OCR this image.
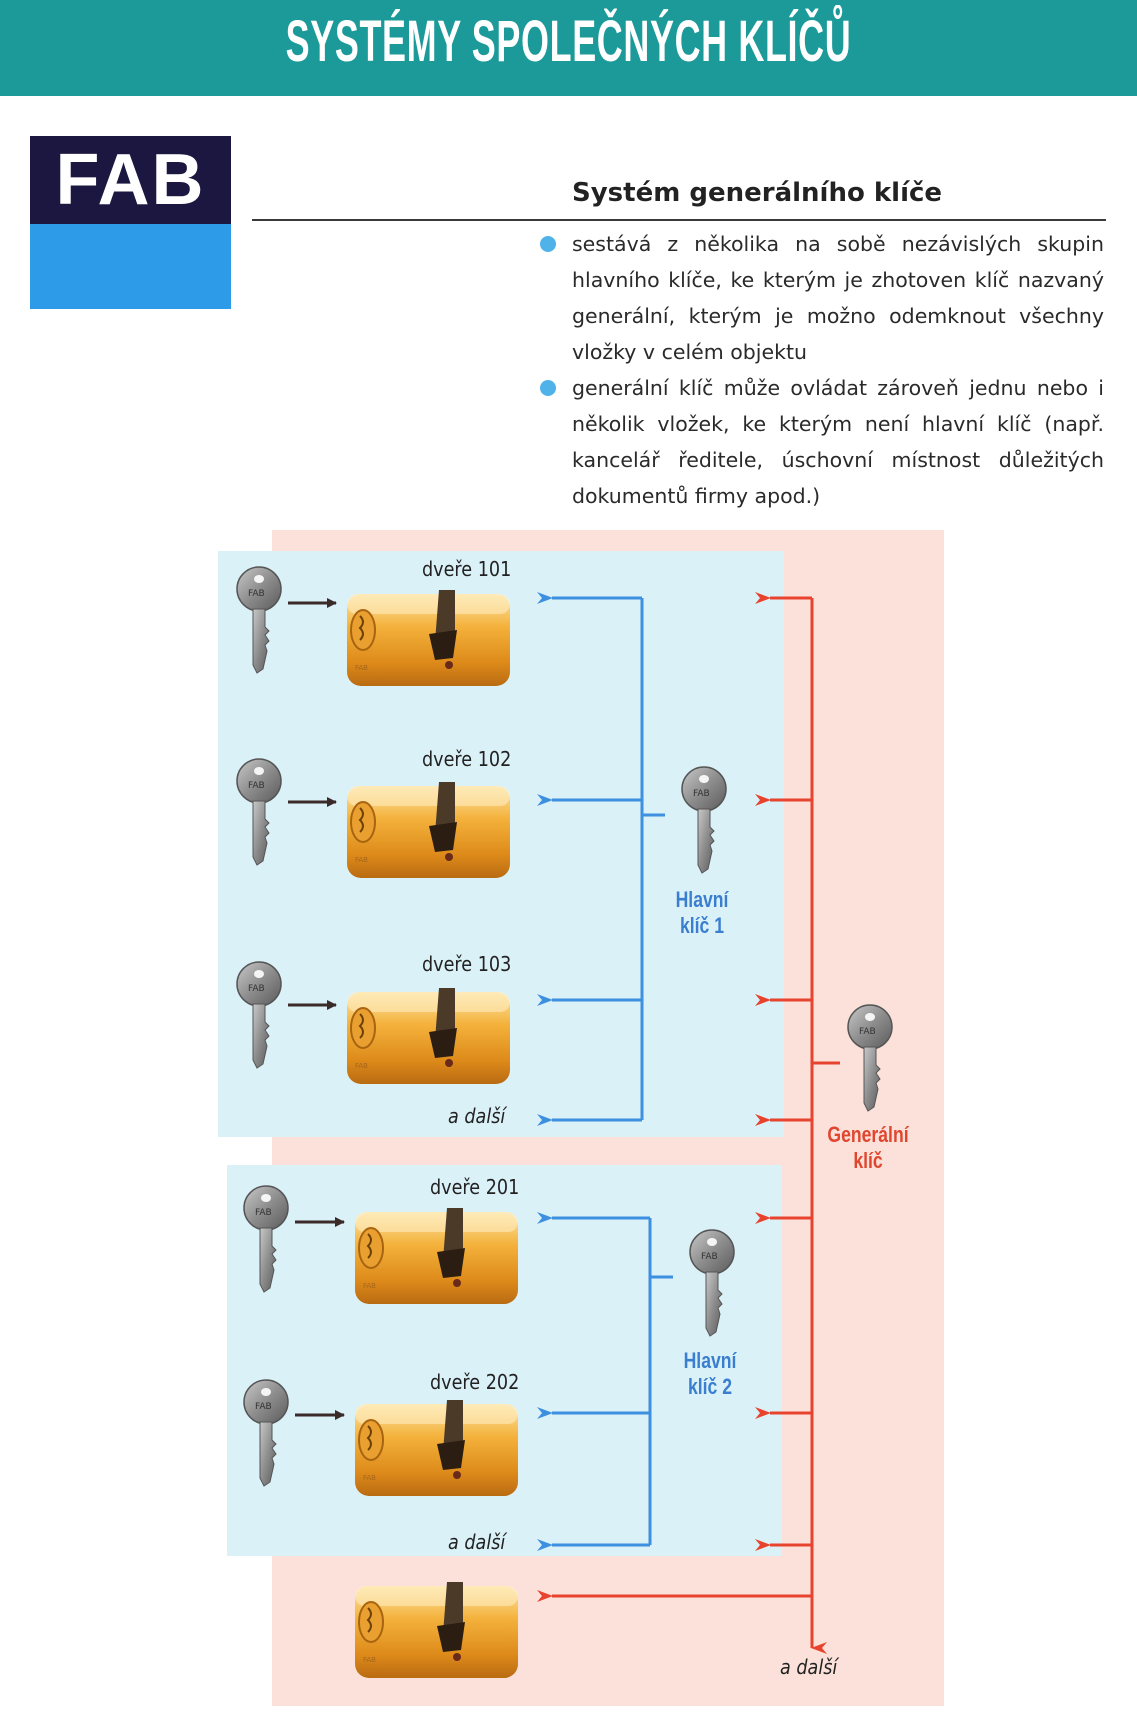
SYSTÉMY SPOLEČNÝCH KLÍČŮ
FAB	Systém generálního klíče

sestává z několika na sobě nezávislých skupin hlavního klíče, ke kterým je zhotoven klíč nazvaný generální, kterým je možno odemknout všechny vložky v celém objektu

generální klíč může ovládat zároveň jednu nebo i několik vložek, ke kterým není hlavní klíč (např. kancelář ředitele, úschovní místnost důležitých dokumentů firmy apod.)

FAB
FAB
dveře 101
dveře 102
dveře 103
a další
dveře 201
dveře 202
a další
a další
Hlavní
klíč 1
Hlavní
klíč 2
Generální
klíč
